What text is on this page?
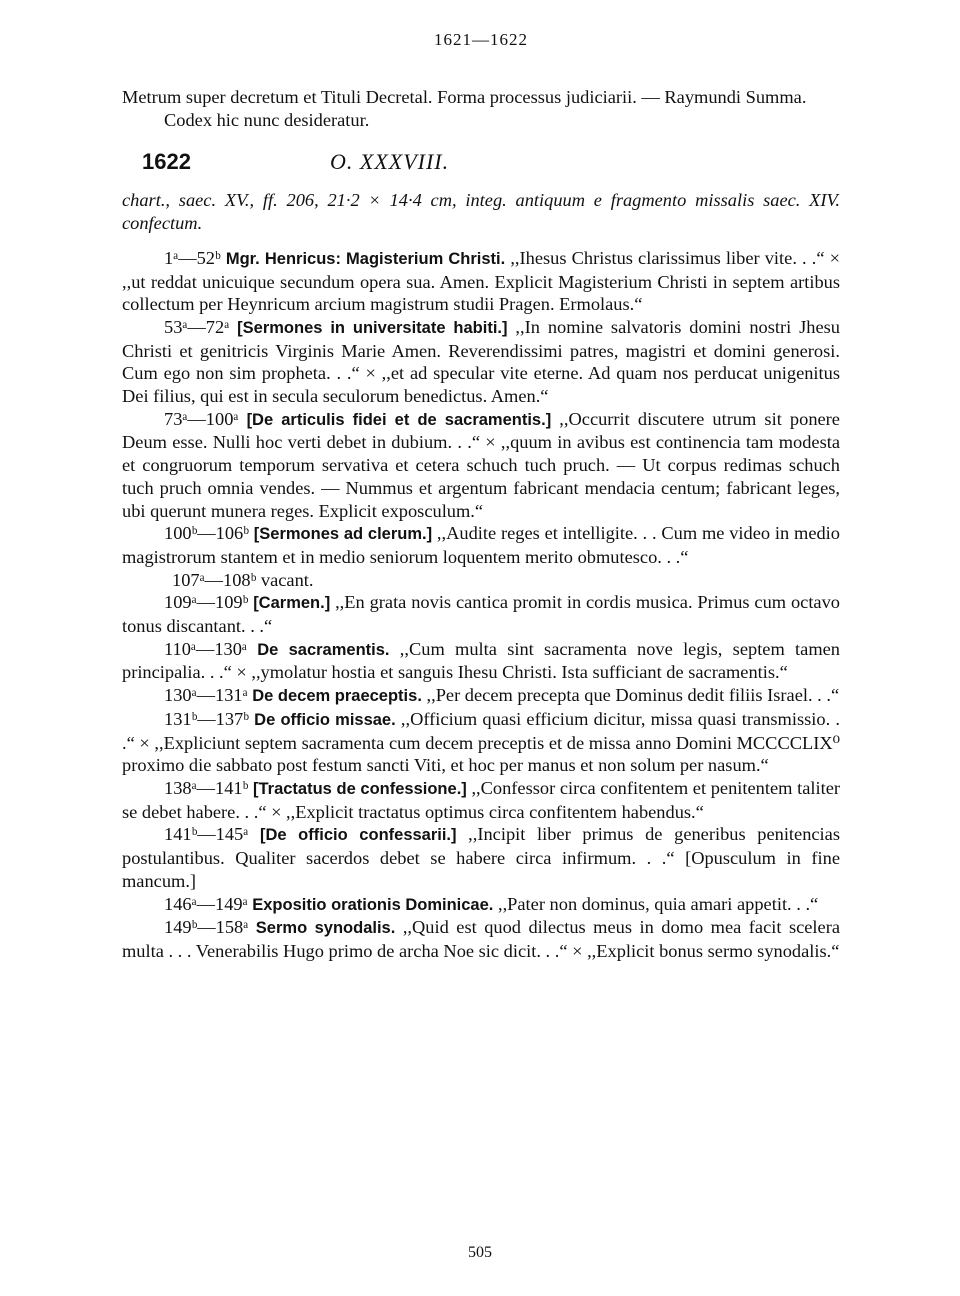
1621—1622

Metrum super decretum et Tituli Decretal. Forma processus judiciarii. — Raymundi Summa.

Codex hic nunc desideratur.

1622	O. XXXVIII.

chart., saec. XV., ff. 206, 21·2 × 14·4 cm, integ. antiquum e fragmento missalis saec. XIV. confectum.

1ᵃ—52ᵇ Mgr. Henricus: Magisterium Christi. ,,Ihesus Christus clarissimus liber vite. . .“ × ,,ut reddat unicuique secundum opera sua. Amen. Explicit Magisterium Christi in septem artibus collectum per Heynricum arcium magistrum studii Pragen. Ermolaus.“

53ᵃ—72ᵃ [Sermones in universitate habiti.] ,,In nomine salvatoris domini nostri Jhesu Christi et genitricis Virginis Marie Amen. Reverendissimi patres, magistri et domini generosi. Cum ego non sim propheta. . .“ × ,,et ad specular vite eterne. Ad quam nos perducat unigenitus Dei filius, qui est in secula seculorum benedictus. Amen.“

73ᵃ—100ᵃ [De articulis fidei et de sacramentis.] ,,Occurrit discutere utrum sit ponere Deum esse. Nulli hoc verti debet in dubium. . .“ × ,,quum in avibus est continencia tam modesta et congruorum temporum servativa et cetera schuch tuch pruch. — Ut corpus redimas schuch tuch pruch omnia vendes. — Nummus et argentum fabricant mendacia centum; fabricant leges, ubi querunt munera reges. Explicit exposculum.“

100ᵇ—106ᵇ [Sermones ad clerum.] ,,Audite reges et intelligite. . . Cum me video in medio magistrorum stantem et in medio seniorum loquentem merito obmutesco. . .“

107ᵃ—108ᵇ vacant.

109ᵃ—109ᵇ [Carmen.] ,,En grata novis cantica promit in cordis musica. Primus cum octavo tonus discantant. . .“

110ᵃ—130ᵃ De sacramentis. ,,Cum multa sint sacramenta nove legis, septem tamen principalia. . .“ × ,,ymolatur hostia et sanguis Ihesu Christi. Ista sufficiant de sacramentis.“

130ᵃ—131ᵃ De decem praeceptis. ,,Per decem precepta que Dominus dedit filiis Israel. . .“

131ᵇ—137ᵇ De officio missae. ,,Officium quasi efficium dicitur, missa quasi transmissio. . .“ × ,,Expliciunt septem sacramenta cum decem preceptis et de missa anno Domini MCCCCLIX⁰ proximo die sabbato post festum sancti Viti, et hoc per manus et non solum per nasum.“

138ᵃ—141ᵇ [Tractatus de confessione.] ,,Confessor circa confitentem et penitentem taliter se debet habere. . .“ × ,,Explicit tractatus optimus circa confitentem habendus.“

141ᵇ—145ᵃ [De officio confessarii.] ,,Incipit liber primus de generibus penitencias postulantibus. Qualiter sacerdos debet se habere circa infirmum. . .“ [Opusculum in fine mancum.]

146ᵃ—149ᵃ Expositio orationis Dominicae. ,,Pater non dominus, quia amari appetit. . .“

149ᵇ—158ᵃ Sermo synodalis. ,,Quid est quod dilectus meus in domo mea facit scelera multa . . . Venerabilis Hugo primo de archa Noe sic dicit. . .“ × ,,Explicit bonus sermo synodalis.“

505
